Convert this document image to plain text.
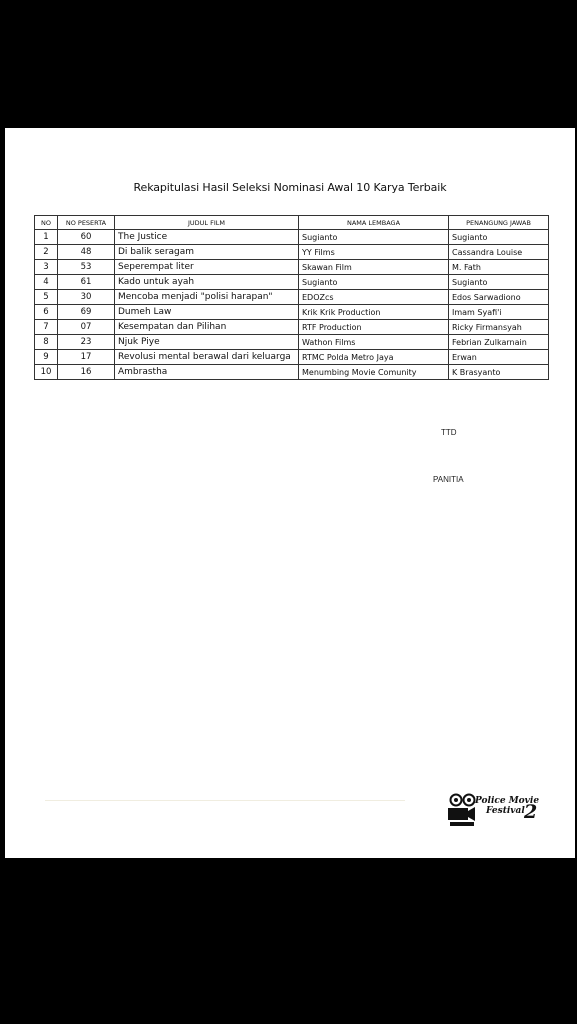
Rekapitulasi Hasil Seleksi Nominasi Awal 10 Karya Terbaik
NO	NO PESERTA	JUDUL FILM	NAMA LEMBAGA	PENANGUNG JAWAB
1	60	The Justice	Sugianto	Sugianto
2	48	Di balik seragam	YY Films	Cassandra Louise
3	53	Seperempat liter	Skawan Film	M. Fath
4	61	Kado untuk ayah	Sugianto	Sugianto
5	30	Mencoba menjadi "polisi harapan"	EDOZcs	Edos Sarwadiono
6	69	Dumeh Law	Krik Krik Production	Imam Syafi'i
7	07	Kesempatan dan Pilihan	RTF Production	Ricky Firmansyah
8	23	Njuk Piye	Wathon Films	Febrian Zulkarnain
9	17	Revolusi mental berawal dari keluarga	RTMC Polda Metro Jaya	Erwan
10	16	Ambrastha	Menumbing Movie Comunity	K Brasyanto
TTD
PANITIA
Police Movie
Festival 2
